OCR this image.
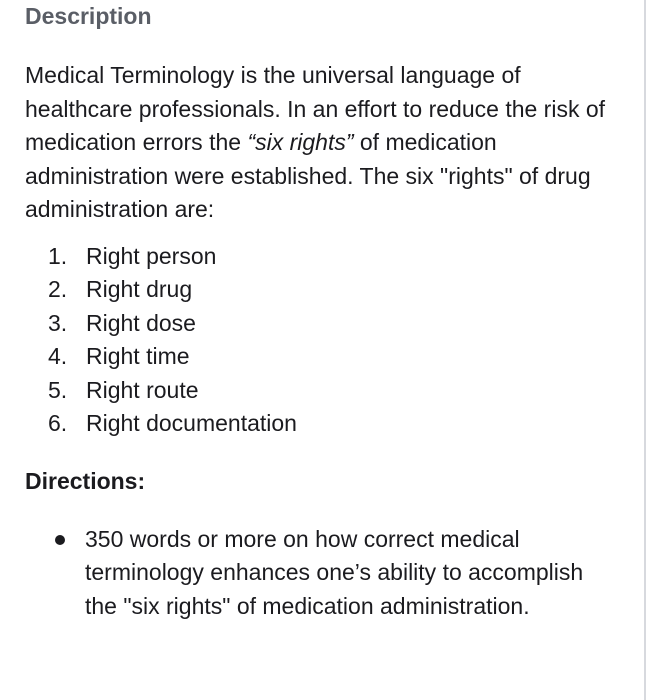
Description

Medical Terminology is the universal language of healthcare professionals. In an effort to reduce the risk of medication errors the “six rights” of medication administration were established. The six "rights" of drug administration are:

1. Right person
2. Right drug
3. Right dose
4. Right time
5. Right route
6. Right documentation
Directions:
350 words or more on how correct medical terminology enhances one’s ability to accomplish the "six rights" of medication administration.
